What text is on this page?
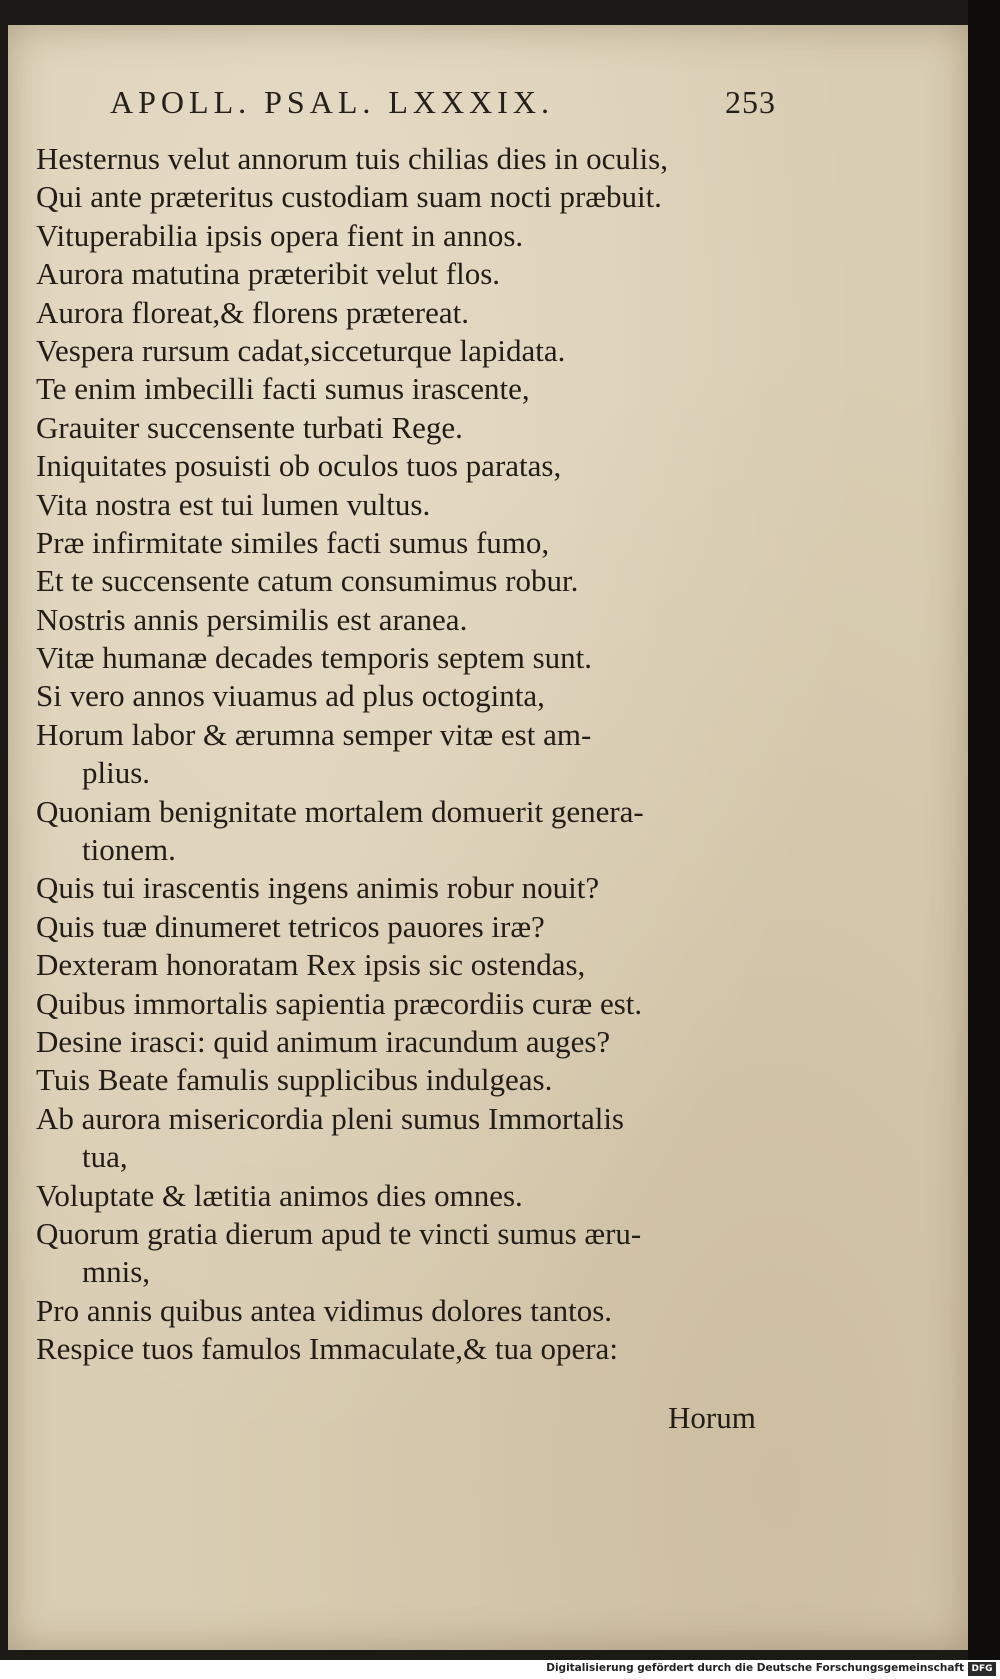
APOLL. PSAL. LXXXIX.	253
Hesternus velut annorum tuis chilias dies in oculis,
Qui ante præteritus custodiam suam nocti præbuit.
Vituperabilia ipsis opera fient in annos.
Aurora matutina præteribit velut flos.
Aurora floreat,& florens prætereat.
Vespera rursum cadat,sicceturque lapidata.
Te enim imbecilli facti sumus irascente,
Grauiter succensente turbati Rege.
Iniquitates posuisti ob oculos tuos paratas,
Vita nostra est tui lumen vultus.
Præ infirmitate similes facti sumus fumo,
Et te succensente catum consumimus robur.
Nostris annis persimilis est aranea.
Vitæ humanæ decades temporis septem sunt.
Si vero annos viuamus ad plus octoginta,
Horum labor & ærumna semper vitæ est am-
plius.
Quoniam benignitate mortalem domuerit genera-
tionem.
Quis tui irascentis ingens animis robur nouit?
Quis tuæ dinumeret tetricos pauores iræ?
Dexteram honoratam Rex ipsis sic ostendas,
Quibus immortalis sapientia præcordiis curæ est.
Desine irasci: quid animum iracundum auges?
Tuis Beate famulis supplicibus indulgeas.
Ab aurora misericordia pleni sumus Immortalis
tua,
Voluptate & lætitia animos dies omnes.
Quorum gratia dierum apud te vincti sumus æru-
mnis,
Pro annis quibus antea vidimus dolores tantos.
Respice tuos famulos Immaculate,& tua opera:
Horum
Digitalisierung gefördert durch die Deutsche Forschungsgemeinschaft DFG
